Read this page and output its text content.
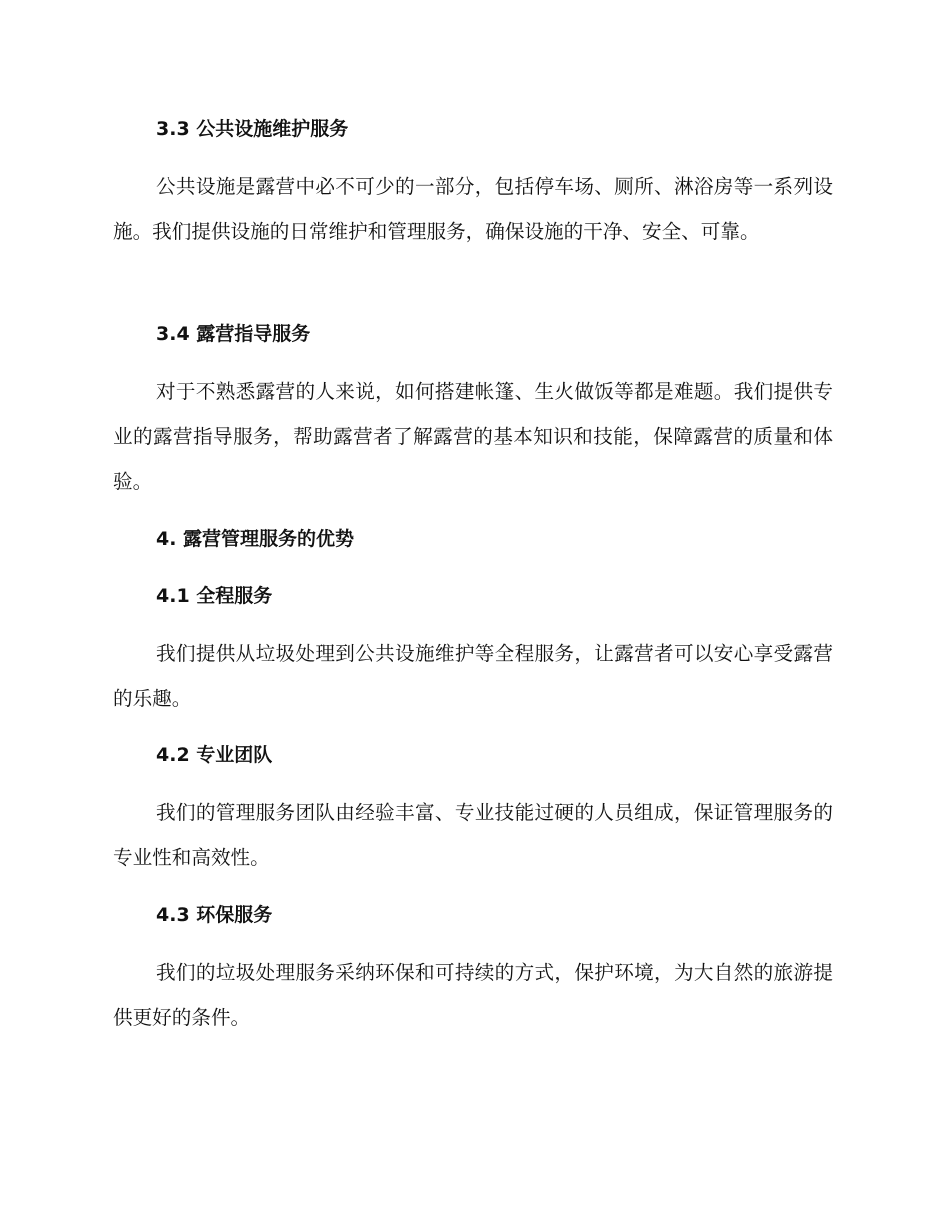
3.3 公共设施维护服务
公共设施是露营中必不可少的一部分，包括停车场、厕所、淋浴房等一系列设施。我们提供设施的日常维护和管理服务，确保设施的干净、安全、可靠。
3.4 露营指导服务
对于不熟悉露营的人来说，如何搭建帐篷、生火做饭等都是难题。我们提供专业的露营指导服务，帮助露营者了解露营的基本知识和技能，保障露营的质量和体验。
4. 露营管理服务的优势
4.1 全程服务
我们提供从垃圾处理到公共设施维护等全程服务，让露营者可以安心享受露营的乐趣。
4.2 专业团队
我们的管理服务团队由经验丰富、专业技能过硬的人员组成，保证管理服务的专业性和高效性。
4.3 环保服务
我们的垃圾处理服务采纳环保和可持续的方式，保护环境，为大自然的旅游提供更好的条件。
